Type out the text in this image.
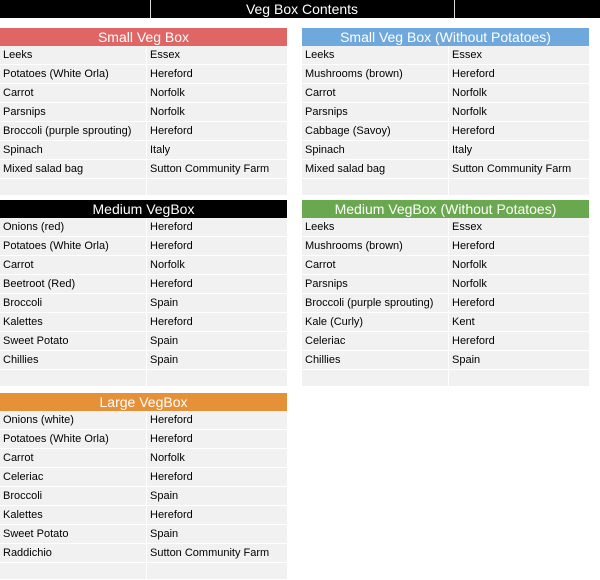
Veg Box Contents
Small Veg Box
Leeks	Essex
Potatoes (White Orla)	Hereford
Carrot	Norfolk
Parsnips	Norfolk
Broccoli (purple sprouting)	Hereford
Spinach	Italy
Mixed salad bag	Sutton Community Farm
Small Veg Box (Without Potatoes)
Leeks	Essex
Mushrooms (brown)	Hereford
Carrot	Norfolk
Parsnips	Norfolk
Cabbage (Savoy)	Hereford
Spinach	Italy
Mixed salad bag	Sutton Community Farm
Medium VegBox
Onions (red)	Hereford
Potatoes (White Orla)	Hereford
Carrot	Norfolk
Beetroot (Red)	Hereford
Broccoli	Spain
Kalettes	Hereford
Sweet Potato	Spain
Chillies	Spain
Medium VegBox (Without Potatoes)
Leeks	Essex
Mushrooms (brown)	Hereford
Carrot	Norfolk
Parsnips	Norfolk
Broccoli (purple sprouting)	Hereford
Kale (Curly)	Kent
Celeriac	Hereford
Chillies	Spain
Large VegBox
Onions (white)	Hereford
Potatoes (White Orla)	Hereford
Carrot	Norfolk
Celeriac	Hereford
Broccoli	Spain
Kalettes	Hereford
Sweet Potato	Spain
Raddichio	Sutton Community Farm
